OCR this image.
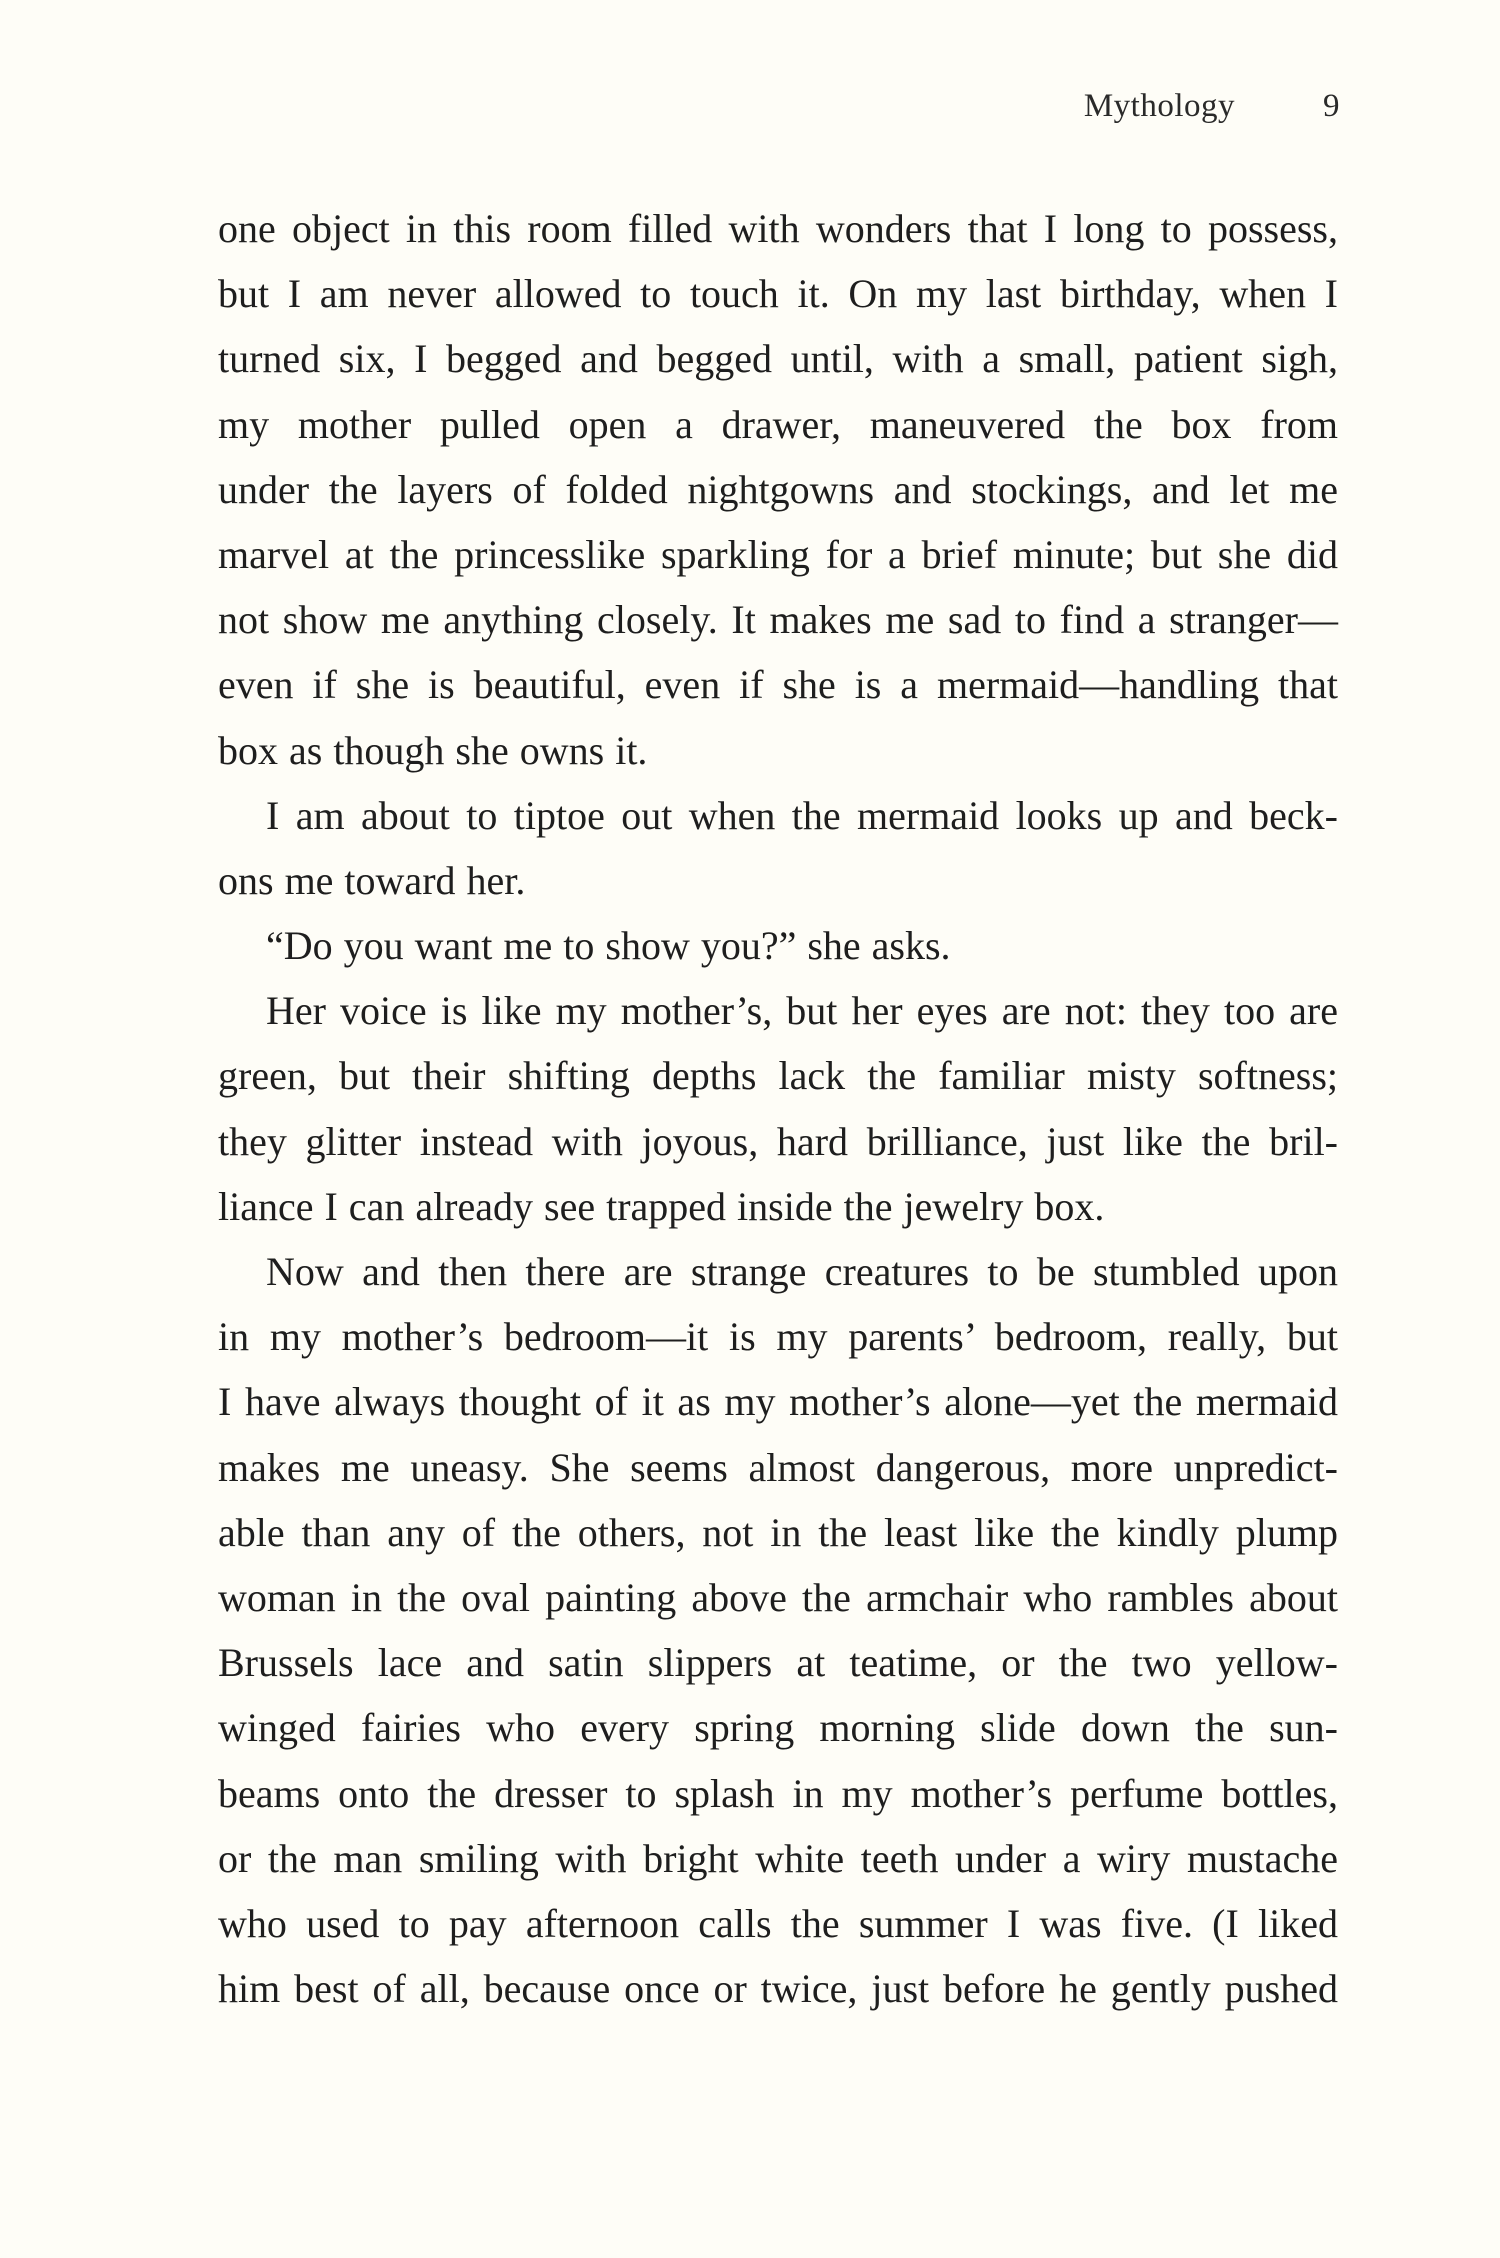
Mythology	9
one object in this room filled with wonders that I long to possess,
but I am never allowed to touch it. On my last birthday, when I
turned six, I begged and begged until, with a small, patient sigh,
my mother pulled open a drawer, maneuvered the box from
under the layers of folded nightgowns and stockings, and let me
marvel at the princesslike sparkling for a brief minute; but she did
not show me anything closely. It makes me sad to find a stranger—
even if she is beautiful, even if she is a mermaid—handling that
box as though she owns it.
I am about to tiptoe out when the mermaid looks up and beck-
ons me toward her.
“Do you want me to show you?” she asks.
Her voice is like my mother’s, but her eyes are not: they too are
green, but their shifting depths lack the familiar misty softness;
they glitter instead with joyous, hard brilliance, just like the bril-
liance I can already see trapped inside the jewelry box.
Now and then there are strange creatures to be stumbled upon
in my mother’s bedroom—it is my parents’ bedroom, really, but
I have always thought of it as my mother’s alone—yet the mermaid
makes me uneasy. She seems almost dangerous, more unpredict-
able than any of the others, not in the least like the kindly plump
woman in the oval painting above the armchair who rambles about
Brussels lace and satin slippers at teatime, or the two yellow-
winged fairies who every spring morning slide down the sun-
beams onto the dresser to splash in my mother’s perfume bottles,
or the man smiling with bright white teeth under a wiry mustache
who used to pay afternoon calls the summer I was five. (I liked
him best of all, because once or twice, just before he gently pushed
